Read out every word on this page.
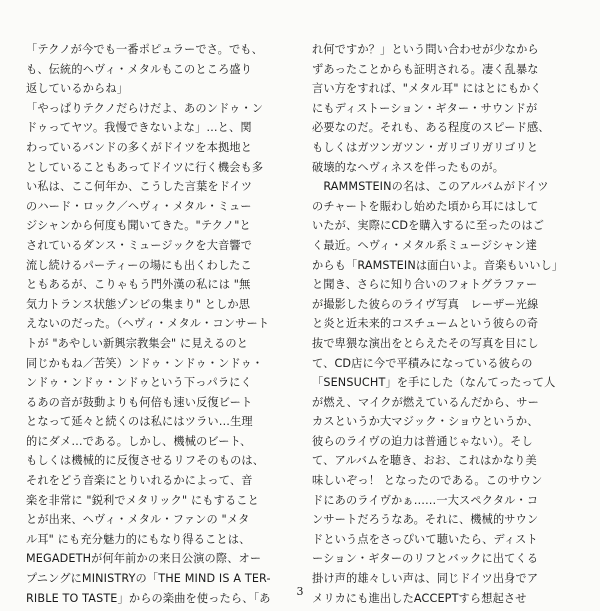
「テクノが今でも一番ポピュラーでさ。でも、
も、伝統的ヘヴィ・メタルもこのところ盛り
返しているからね」
「やっぱりテクノだらけだよ、あのンドゥ・ン
ドゥってヤツ。我慢できないよな」…と、関
わっているバンドの多くがドイツを本拠地と
としていることもあってドイツに行く機会も多
い私は、ここ何年か、こうした言葉をドイツ
のハード・ロック／ヘヴィ・メタル・ミュー
ジシャンから何度も聞いてきた。"テクノ"と
されているダンス・ミュージックを大音響で
流し続けるパーティーの場にも出くわしたこ
ともあるが、こりゃもう門外漢の私には "無
気力トランス状態ゾンビの集まり" としか思
えないのだった。（ヘヴィ・メタル・コンサート
トが "あやしい新興宗教集会" に見えるのと
同じかもね／苦笑）ンドゥ・ンドゥ・ンドゥ・
ンドゥ・ンドゥ・ンドゥという下っパラにく
るあの音が鼓動よりも何倍も速い反復ビート
となって延々と続くのは私にはツラい…生理
的にダメ…である。しかし、機械のビート、
もしくは機械的に反復させるリフそのものは、
それをどう音楽にとりいれるかによって、音
楽を非常に "鋭利でメタリック" にもすること
とが出来、ヘヴィ・メタル・ファンの "メタ
ル耳" にも充分魅力的にもなり得ることは、
MEGADETHが何年前かの来日公演の際、オー
プニングにMINISTRYの「THE MIND IS A TER-
RIBLE TO TASTE」からの楽曲を使ったら、「あ
れ何ですか？」という問い合わせが少なから
ずあったことからも証明される。凄く乱暴な
言い方をすれば、"メタル耳" にはとにもかく
にもディストーション・ギター・サウンドが
必要なのだ。それも、ある程度のスピード感、
もしくはガツンガツン・ガリゴリガリゴリと
破壊的なヘヴィネスを伴ったものが。
　RAMMSTEINの名は、このアルバムがドイツ
のチャートを賑わし始めた頃から耳にはして
いたが、実際にCDを購入するに至ったのはご
く最近。ヘヴィ・メタル系ミュージシャン達
からも「RAMSTEINは面白いよ。音楽もいいし」
と聞き、さらに知り合いのフォトグラファー
が撮影した彼らのライヴ写真　レーザー光線
と炎と近未来的コスチュームという彼らの奇
抜で卑猥な演出をとらえたその写真を目にし
て、CD店に今で平積みになっている彼らの
「SENSUCHT」を手にした（なんてったって人
が燃え、マイクが燃えているんだから、サー
カスというか大マジック・ショウというか、
彼らのライヴの迫力は普通じゃない）。そし
て、アルバムを聴き、おお、これはかなり美
味しいぞっ！ となったのである。このサウン
ドにあのライヴかぁ……一大スペクタル・コ
ンサートだろうなあ。それに、機械的サウン
ドという点をさっぴいて聴いたら、ディスト
ーション・ギターのリフとバックに出てくる
掛け声的雄々しい声は、同じドイツ出身でア
メリカにも進出したACCEPTすら想起させ
3
